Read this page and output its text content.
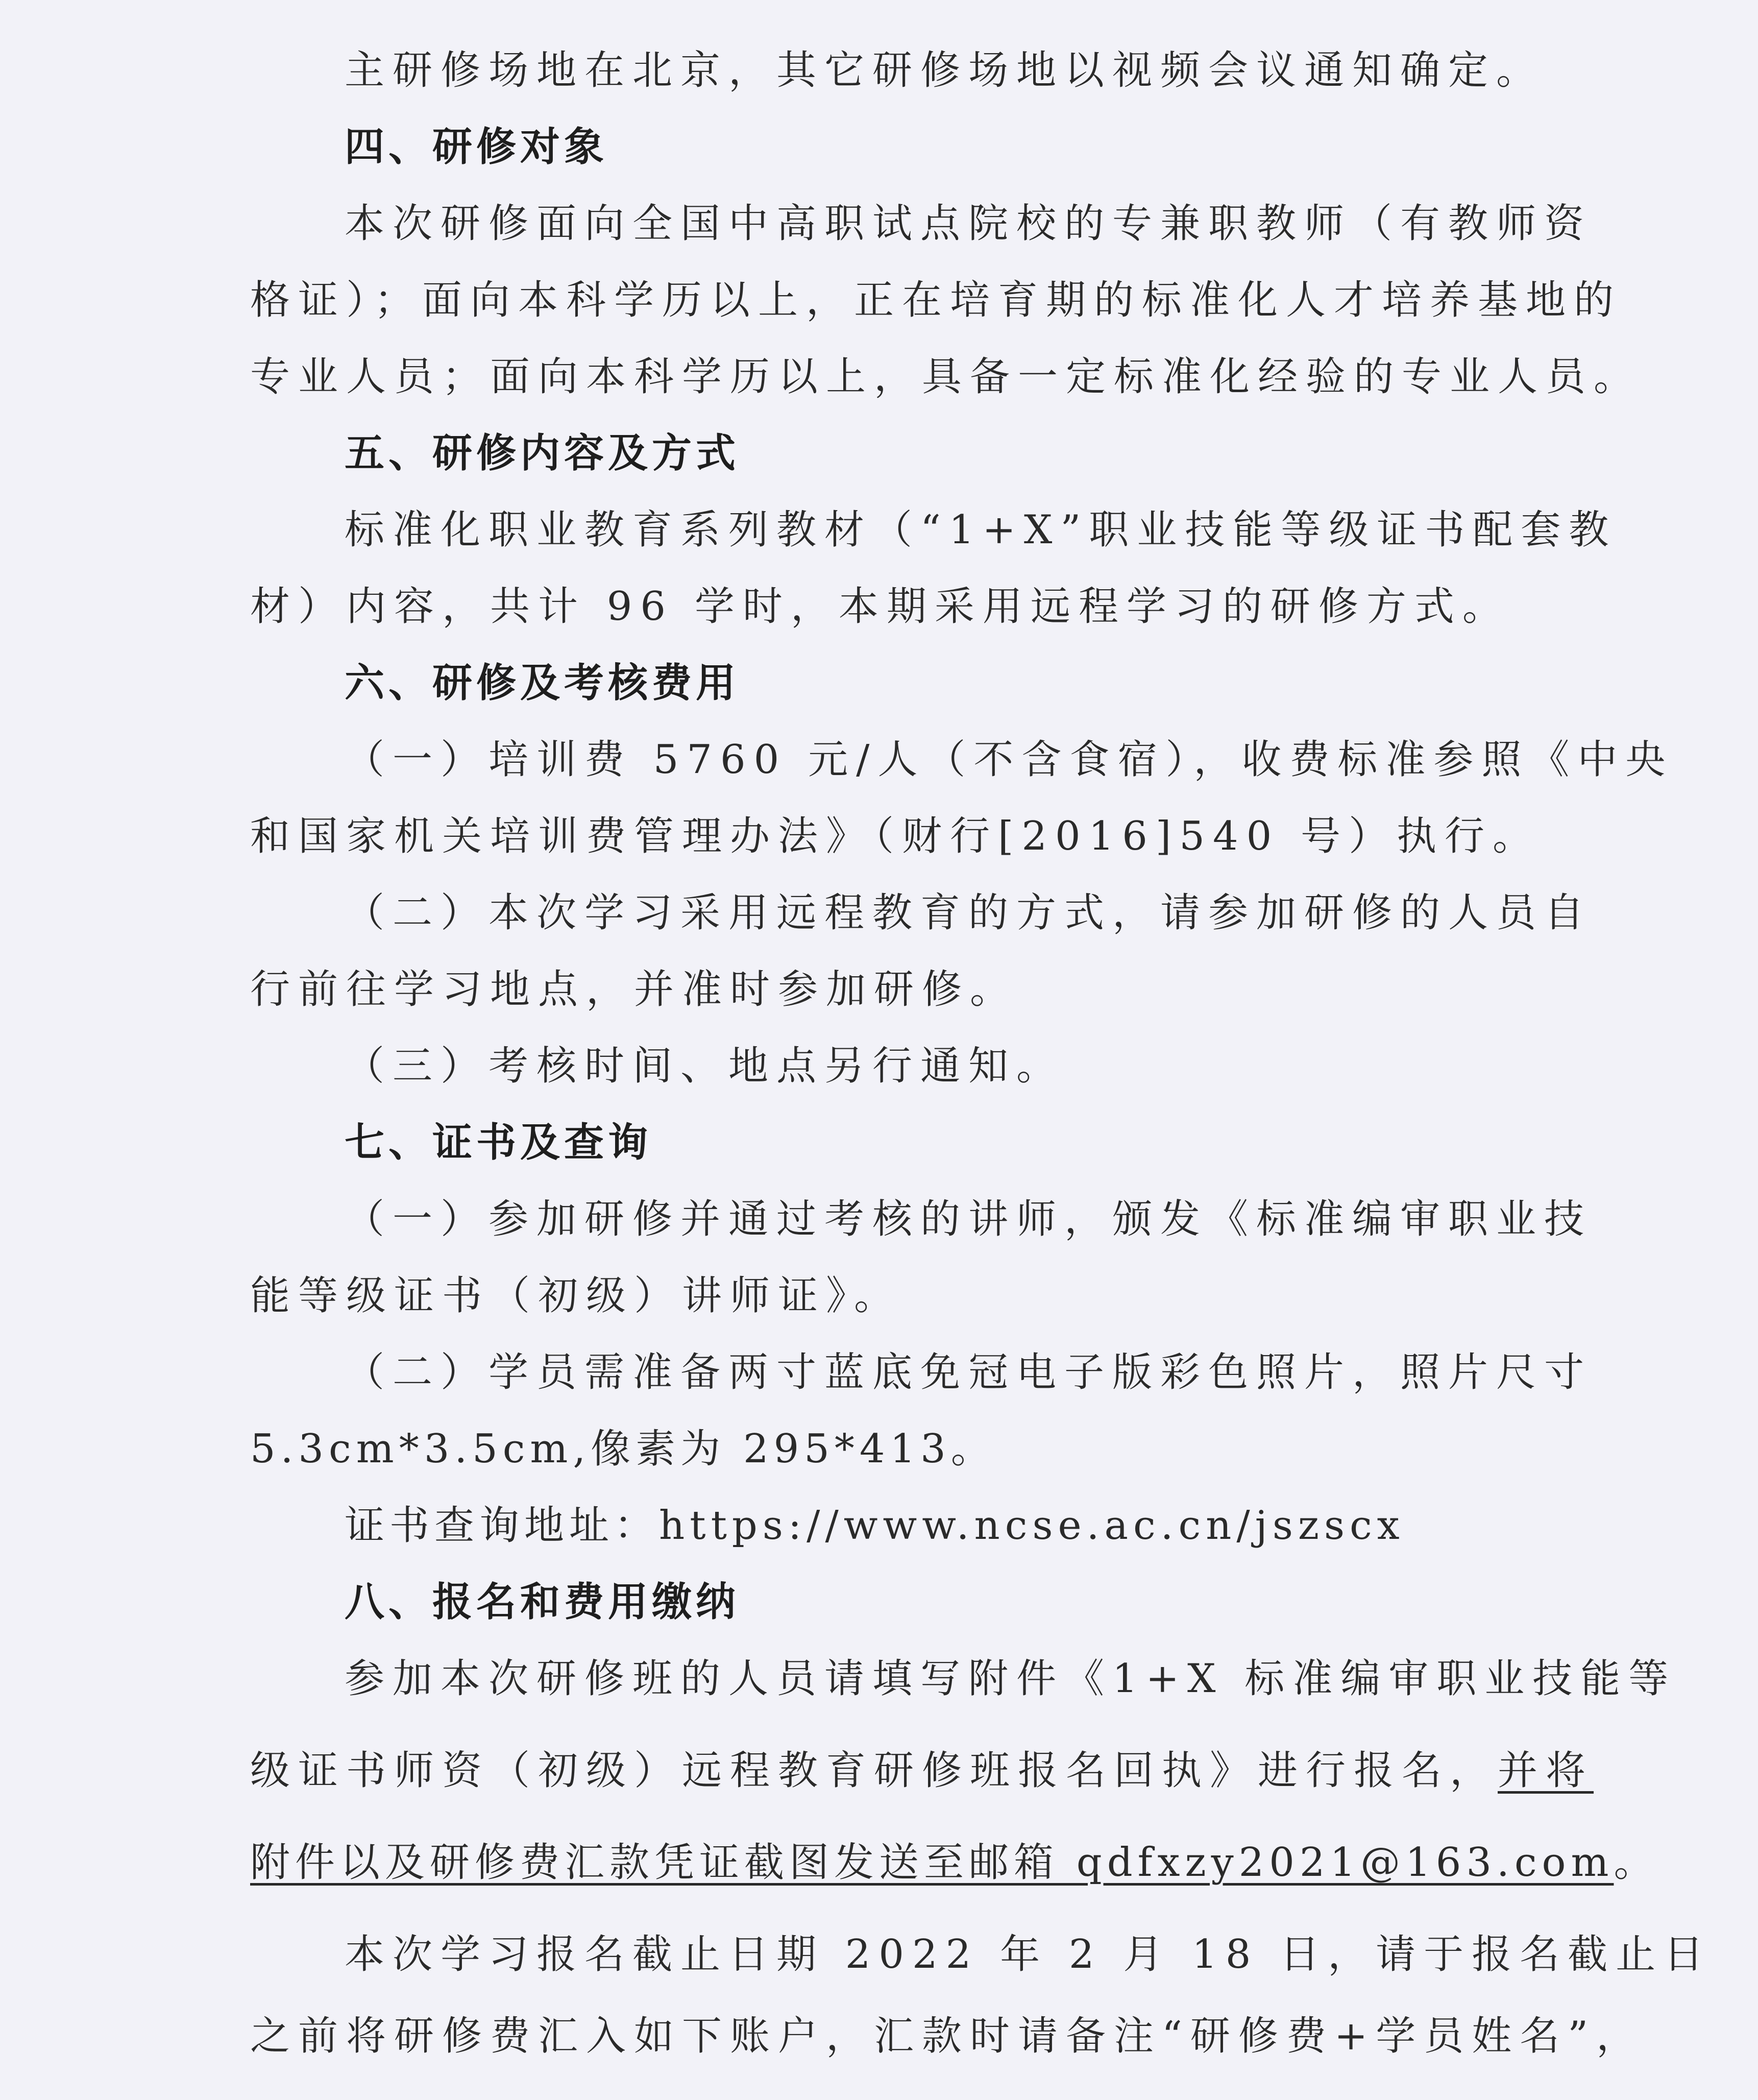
主研修场地在北京，其它研修场地以视频会议通知确定。
四、研修对象
本次研修面向全国中高职试点院校的专兼职教师（有教师资
格证）；面向本科学历以上，正在培育期的标准化人才培养基地的
专业人员；面向本科学历以上，具备一定标准化经验的专业人员。
五、研修内容及方式
标准化职业教育系列教材（“1+X”职业技能等级证书配套教
材）内容，共计 96 学时，本期采用远程学习的研修方式。
六、研修及考核费用
（一）培训费 5760 元/人（不含食宿），收费标准参照《中央
和国家机关培训费管理办法》（财行[2016]540 号）执行。
（二）本次学习采用远程教育的方式，请参加研修的人员自
行前往学习地点，并准时参加研修。
（三）考核时间、地点另行通知。
七、证书及查询
（一）参加研修并通过考核的讲师，颁发《标准编审职业技
能等级证书（初级）讲师证》。
（二）学员需准备两寸蓝底免冠电子版彩色照片，照片尺寸
5.3cm*3.5cm,像素为 295*413。
证书查询地址：https://www.ncse.ac.cn/jszscx
八、报名和费用缴纳
参加本次研修班的人员请填写附件《1+X 标准编审职业技能等
级证书师资（初级）远程教育研修班报名回执》进行报名，并将
附件以及研修费汇款凭证截图发送至邮箱 qdfxzy2021@163.com。
本次学习报名截止日期 2022 年 2 月 18 日，请于报名截止日
之前将研修费汇入如下账户，汇款时请备注“研修费+学员姓名”，
